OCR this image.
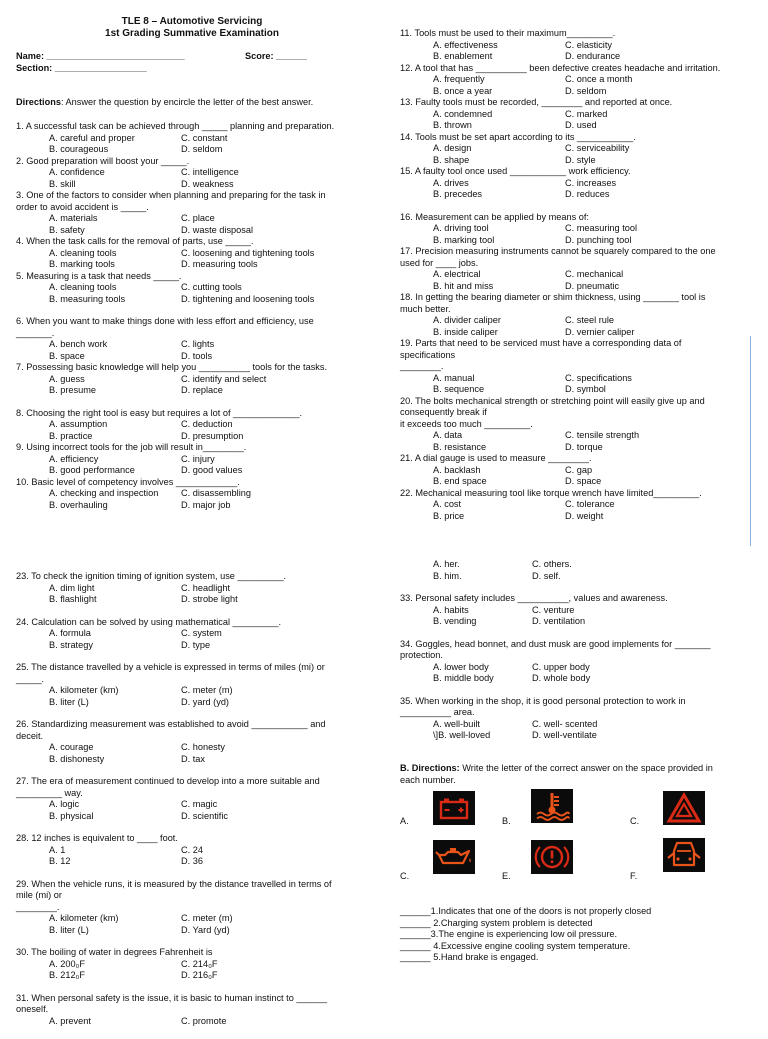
TLE 8 – Automotive Servicing
1st Grading Summative Examination
Name: ___________________________	Score: ______
Section: __________________
Directions: Answer the question by encircle the letter of the best answer.
1. A successful task can be achieved through _____ planning and preparation.
A. careful and proper	C. constant
B. courageous	D. seldom
2. Good preparation will boost your _____.
A. confidence	C. intelligence
B. skill	D. weakness
3. One of the factors to consider when planning and preparing for the task in
order to avoid accident is _____.
A. materials	C. place
B. safety	D. waste disposal
4. When the task calls for the removal of parts, use _____.
A. cleaning tools	C. loosening and tightening tools
B. marking tools	D. measuring tools
5. Measuring is a task that needs _____.
A. cleaning tools	C. cutting tools
B. measuring tools	D. tightening and loosening tools
6. When you want to make things done with less effort and efficiency, use
_______.
A. bench work	C. lights
B. space	D. tools
7. Possessing basic knowledge will help you __________ tools for the tasks.
A. guess	C. identify and select
B. presume	D. replace
8. Choosing the right tool is easy but requires a lot of _____________.
A. assumption	C. deduction
B. practice	D. presumption
9. Using incorrect tools for the job will result in________.
A. efficiency	C. injury
B. good performance	D. good values
10. Basic level of competency involves ____________.
A. checking and inspection C. disassembling
B. overhauling	D. major job
11. Tools must be used to their maximum_________.
A. effectiveness	C. elasticity
B. enablement	D. endurance
12. A tool that has __________ been defective creates headache and irritation.
A. frequently	C. once a month
B. once a year	D. seldom
13. Faulty tools must be recorded, ________ and reported at once.
A. condemned	C. marked
B. thrown	D. used
14. Tools must be set apart according to its ___________.
A. design	C. serviceability
B. shape	D. style
15. A faulty tool once used ___________ work efficiency.
A. drives	C. increases
B. precedes	D. reduces
16. Measurement can be applied by means of:
A. driving tool	C. measuring tool
B. marking tool	D. punching tool
17. Precision measuring instruments cannot be squarely compared to the one
used for ____ jobs.
A. electrical	C. mechanical
B. hit and miss	D. pneumatic
18. In getting the bearing diameter or shim thickness, using _______ tool is
much better.
A. divider caliper	C. steel rule
B. inside caliper	D. vernier caliper
19. Parts that need to be serviced must have a corresponding data of
specifications
________.
A. manual	C. specifications
B. sequence	D. symbol
20. The bolts mechanical strength or stretching point will easily give up and
consequently break if
it exceeds too much _________.
A. data	C. tensile strength
B. resistance	D. torque
21. A dial gauge is used to measure ________.
A. backlash	C. gap
B. end space	D. space
22. Mechanical measuring tool like torque wrench have limited_________.
A. cost	C. tolerance
B. price	D. weight
23. To check the ignition timing of ignition system, use _________.
A. dim light	C. headlight
B. flashlight	D. strobe light
24. Calculation can be solved by using mathematical _________.
A. formula	C. system
B. strategy	D. type
25. The distance travelled by a vehicle is expressed in terms of miles (mi) or
_____.
A. kilometer (km)	C. meter (m)
B. liter (L)	D. yard (yd)
26. Standardizing measurement was established to avoid ___________ and
deceit.
A. courage	C. honesty
B. dishonesty	D. tax
27. The era of measurement continued to develop into a more suitable and
_________ way.
A. logic	C. magic
B. physical	D. scientific
28. 12 inches is equivalent to ____ foot.
A. 1	C. 24
B. 12	D. 36
29. When the vehicle runs, it is measured by the distance travelled in terms of
mile (mi) or
________.
A. kilometer (km)	C. meter (m)
B. liter (L)	D. Yard (yd)
30. The boiling of water in degrees Fahrenheit is
A. 200₀F	C. 214₀F
B. 212₀F	D. 216₀F
31. When personal safety is the issue, it is basic to human instinct to ______
oneself.
A. prevent	C. promote
A. her.	C. others.
B. him.	D. self.
33. Personal safety includes __________, values and awareness.
A. habits	C. venture
B. vending	D. ventilation
34. Goggles, head bonnet, and dust musk are good implements for _______
protection.
A. lower body	C. upper body
B. middle body	D. whole body
35. When working in the shop, it is good personal protection to work in
__________ area.
A. well-built	C. well- scented
\]B. well-loved	D. well-ventilate
B. Directions: Write the letter of the correct answer on the space provided in
each number.
A.	B.	C.
C.	E.	F.
______1.Indicates that one of the doors is not properly closed
______ 2.Charging system problem is detected
______3.The engine is experiencing low oil pressure.
______ 4.Excessive engine cooling system temperature.
______ 5.Hand brake is engaged.
